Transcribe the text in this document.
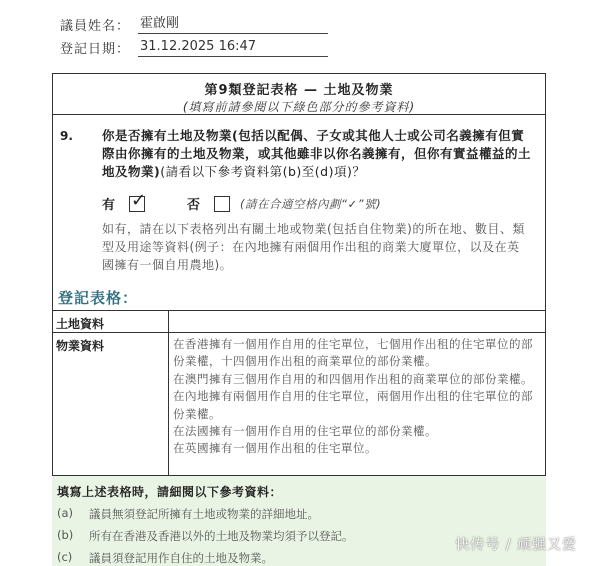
議員姓名： 霍啟剛
登記日期： 31.12.2025 16:47
第9類登記表格 — 土地及物業
(填寫前請參閱以下綠色部分的參考資料)
9. 你是否擁有土地及物業(包括以配偶、子女或其他人士或公司名義擁有但實際由你擁有的土地及物業，或其他雖非以你名義擁有，但你有實益權益的土地及物業)(請看以下參考資料第(b)至(d)項)？
有 ✓	否	(請在合適空格內劃“✓”號)
如有，請在以下表格列出有關土地或物業(包括自住物業)的所在地、數目、類型及用途等資料(例子：在內地擁有兩個用作出租的商業大廈單位，以及在英國擁有一個自用農地)。
登記表格：
土地資料
物業資料	在香港擁有一個用作自用的住宅單位，七個用作出租的住宅單位的部份業權，十四個用作出租的商業單位的部份業權。
在澳門擁有三個用作自用的和四個用作出租的商業單位的部份業權。
在內地擁有兩個用作自用的住宅單位，兩個用作出租的住宅單位的部份業權。
在法國擁有一個用作自用的住宅單位的部份業權。
在英國擁有一個用作出租的住宅單位。
填寫上述表格時，請細閱以下參考資料：
(a)	議員無須登記所擁有土地或物業的詳細地址。
(b)	所有在香港及香港以外的土地及物業均須予以登記。
(c)	議員須登記用作自住的土地及物業。
快传号 / 顽强又爱
